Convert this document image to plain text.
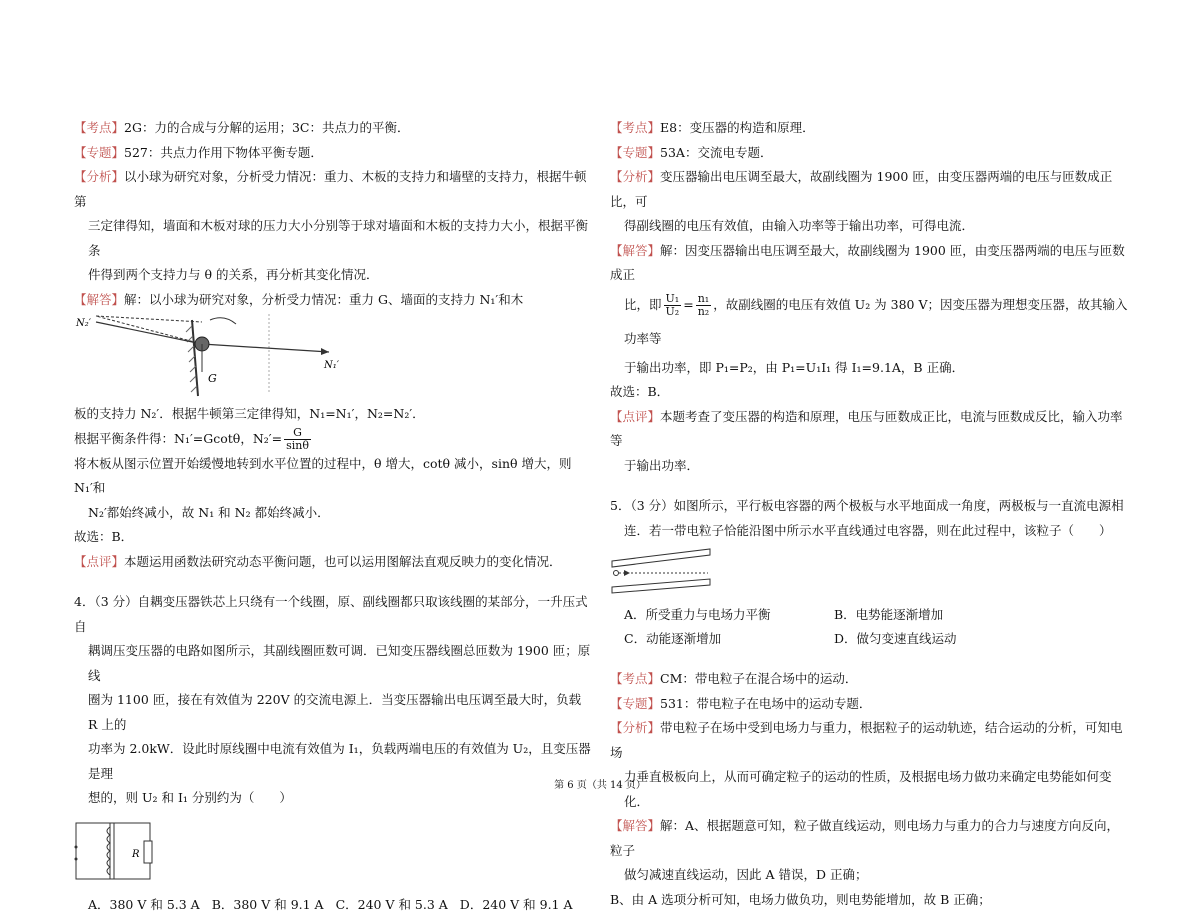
【考点】2G：力的合成与分解的运用；3C：共点力的平衡．

【专题】527：共点力作用下物体平衡专题．

【分析】以小球为研究对象，分析受力情况：重力、木板的支持力和墙壁的支持力，根据牛顿第

三定律得知，墙面和木板对球的压力大小分别等于球对墙面和木板的支持力大小，根据平衡条

件得到两个支持力与 θ 的关系，再分析其变化情况．

【解答】解：以小球为研究对象，分析受力情况：重力 G、墙面的支持力 N₁′和木

N₂′
N₁′
G

板的支持力 N₂′．根据牛顿第三定律得知，N₁=N₁′，N₂=N₂′．

根据平衡条件得：N₁′=Gcotθ，$N_2'= \frac{G}{\sin\theta}$

将木板从图示位置开始缓慢地转到水平位置的过程中，θ 增大，cotθ 减小，sinθ 增大，则 N₁′和

N₂′都始终减小，故 N₁ 和 N₂ 都始终减小．

故选：B．

【点评】本题运用函数法研究动态平衡问题，也可以运用图解法直观反映力的变化情况．

4．（3 分）自耦变压器铁芯上只绕有一个线圈，原、副线圈都只取该线圈的某部分，一升压式自

耦调压变压器的电路如图所示，其副线圈匝数可调．已知变压器线圈总匝数为 1900 匝；原线

圈为 1100 匝，接在有效值为 220V 的交流电源上．当变压器输出电压调至最大时，负载 R 上的

功率为 2.0kW．设此时原线圈中电流有效值为 I₁，负载两端电压的有效值为 U₂，且变压器是理

想的，则 U₂ 和 I₁ 分别约为（　　）

R
A．380 V 和 5.3 A B．380 V 和 9.1 A C．240 V 和 5.3 A D．240 V 和 9.1 A

【考点】E8：变压器的构造和原理．

【专题】53A：交流电专题．

【分析】变压器输出电压调至最大，故副线圈为 1900 匝，由变压器两端的电压与匝数成正比，可

得副线圈的电压有效值，由输入功率等于输出功率，可得电流．

【解答】解：因变压器输出电压调至最大，故副线圈为 1900 匝，由变压器两端的电压与匝数成正

比，即 $\frac{\text{U₁}}{\text{U₂}} = \frac{\text{n₁}}{\text{n₂}}$ ，故副线圈的电压有效值 U₂ 为 380 V；因变压器为理想变压器，故其输入功率等

于输出功率，即 P₁=P₂，由 P₁=U₁I₁ 得 I₁=9.1A，B 正确．

故选：B．

【点评】本题考查了变压器的构造和原理，电压与匝数成正比，电流与匝数成反比，输入功率等

于输出功率．

5．（3 分）如图所示，平行板电容器的两个极板与水平地面成一角度，两极板与一直流电源相

连．若一带电粒子恰能沿图中所示水平直线通过电容器，则在此过程中，该粒子（　　）

A．所受重力与电场力平衡	B．电势能逐渐增加
C．动能逐渐增加	D．做匀变速直线运动

【考点】CM：带电粒子在混合场中的运动．

【专题】531：带电粒子在电场中的运动专题．

【分析】带电粒子在场中受到电场力与重力，根据粒子的运动轨迹，结合运动的分析，可知电场

力垂直极板向上，从而可确定粒子的运动的性质，及根据电场力做功来确定电势能如何变化．

【解答】解：A、根据题意可知，粒子做直线运动，则电场力与重力的合力与速度方向反向，粒子

做匀减速直线运动，因此 A 错误，D 正确；

B、由 A 选项分析可知，电场力做负功，则电势能增加，故 B 正确；

第 6 页（共 14 页）
